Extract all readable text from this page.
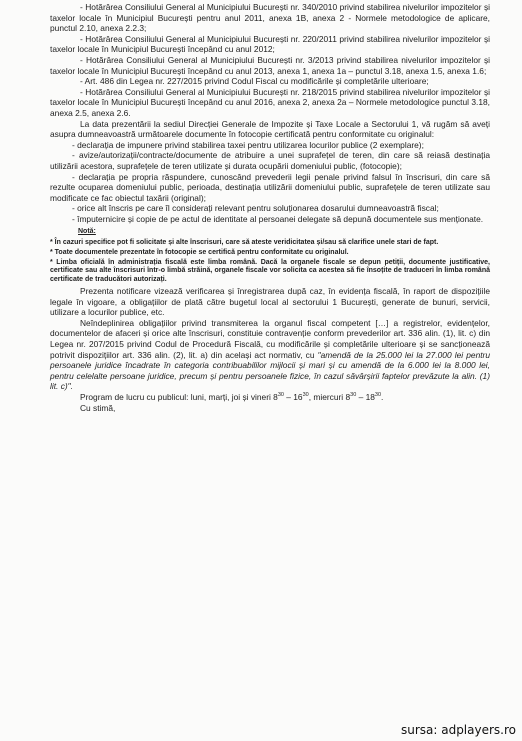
- Hotărârea Consiliului General al Municipiului București nr. 340/2010 privind stabilirea nivelurilor impozitelor și taxelor locale în Municipiul București pentru anul 2011, anexa 1B, anexa 2 - Normele metodologice de aplicare, punctul 2.10, anexa 2.2.3;

- Hotărârea Consiliului General al Municipiului București nr. 220/2011 privind stabilirea nivelurilor impozitelor și taxelor locale în Municipiul București începând cu anul 2012;

- Hotărârea Consiliului General al Municipiului București nr. 3/2013 privind stabilirea nivelurilor impozitelor și taxelor locale în Municipiul București începând cu anul 2013, anexa 1, anexa 1a – punctul 3.18, anexa 1.5, anexa 1.6;

- Art. 486 din Legea nr. 227/2015 privind Codul Fiscal cu modificările și completările ulterioare;

- Hotărârea Consiliului General al Municipiului București nr. 218/2015 privind stabilirea nivelurilor impozitelor și taxelor locale în Municipiul București începând cu anul 2016, anexa 2, anexa 2a – Normele metodologice punctul 3.18, anexa 2.5, anexa 2.6.

La data prezentării la sediul Direcției Generale de Impozite și Taxe Locale a Sectorului 1, vă rugăm să aveți asupra dumneavoastră următoarele documente în fotocopie certificată pentru conformitate cu originalul:

- declarația de impunere privind stabilirea taxei pentru utilizarea locurilor publice (2 exemplare);

- avize/autorizații/contracte/documente de atribuire a unei suprafețel de teren, din care să reiasă destinația utilizării acestora, suprafețele de teren utilizate și durata ocupării domeniului public, (fotocopie);

- declarația pe propria răspundere, cunoscând prevederii legii penale privind falsul în înscrisuri, din care să rezulte ocuparea domeniului public, perioada, destinația utilizării domeniului public, suprafețele de teren utilizate sau modificate ce fac obiectul taxării (original);

- orice alt înscris pe care îl considerați relevant pentru soluționarea dosarului dumneavoastră fiscal;

- împuternicire și copie de pe actul de identitate al persoanei delegate să depună documentele sus menționate.

Notă:

* În cazuri specifice pot fi solicitate și alte înscrisuri, care să ateste veridicitatea și/sau să clarifice unele stari de fapt.

* Toate documentele prezentate în fotocopie se certifică pentru conformitate cu originalul.

* Limba oficială în administrația fiscală este limba română. Dacă la organele fiscale se depun petiții, documente justificative, certificate sau alte înscrisuri într-o limbă străină, organele fiscale vor solicita ca acestea să fie însoțite de traduceri în limba română certificate de traducători autorizați.

Prezenta notificare vizează verificarea și înregistrarea după caz, în evidența fiscală, în raport de dispozițiile legale în vigoare, a obligațiilor de plată către bugetul local al sectorului 1 București, generate de bunuri, servicii, utilizare a locurilor publice, etc.

Neîndeplinirea obligațiilor privind transmiterea la organul fiscal competent […] a registrelor, evidențelor, documentelor de afaceri și orice alte înscrisuri, constituie contravenție conform prevederilor art. 336 alin. (1), lit. c) din Legea nr. 207/2015 privind Codul de Procedură Fiscală, cu modificările și completările ulterioare și se sancționează potrivit dispozițiilor art. 336 alin. (2), lit. a) din același act normativ, cu "amendă de la 25.000 lei la 27.000 lei pentru persoanele juridice încadrate în categoria contribuabililor mijlocii și mari și cu amendă de la 6.000 lei la 8.000 lei, pentru celelalte persoane juridice, precum și pentru persoanele fizice, în cazul săvârșirii faptelor prevăzute la alin. (1) lit. c)".

Program de lucru cu publicul: luni, marți, joi și vineri $8^{30} - 16^{30}$, miercuri $8^{30} - 18^{30}$.

Cu stimă,

sursa: adplayers.ro
